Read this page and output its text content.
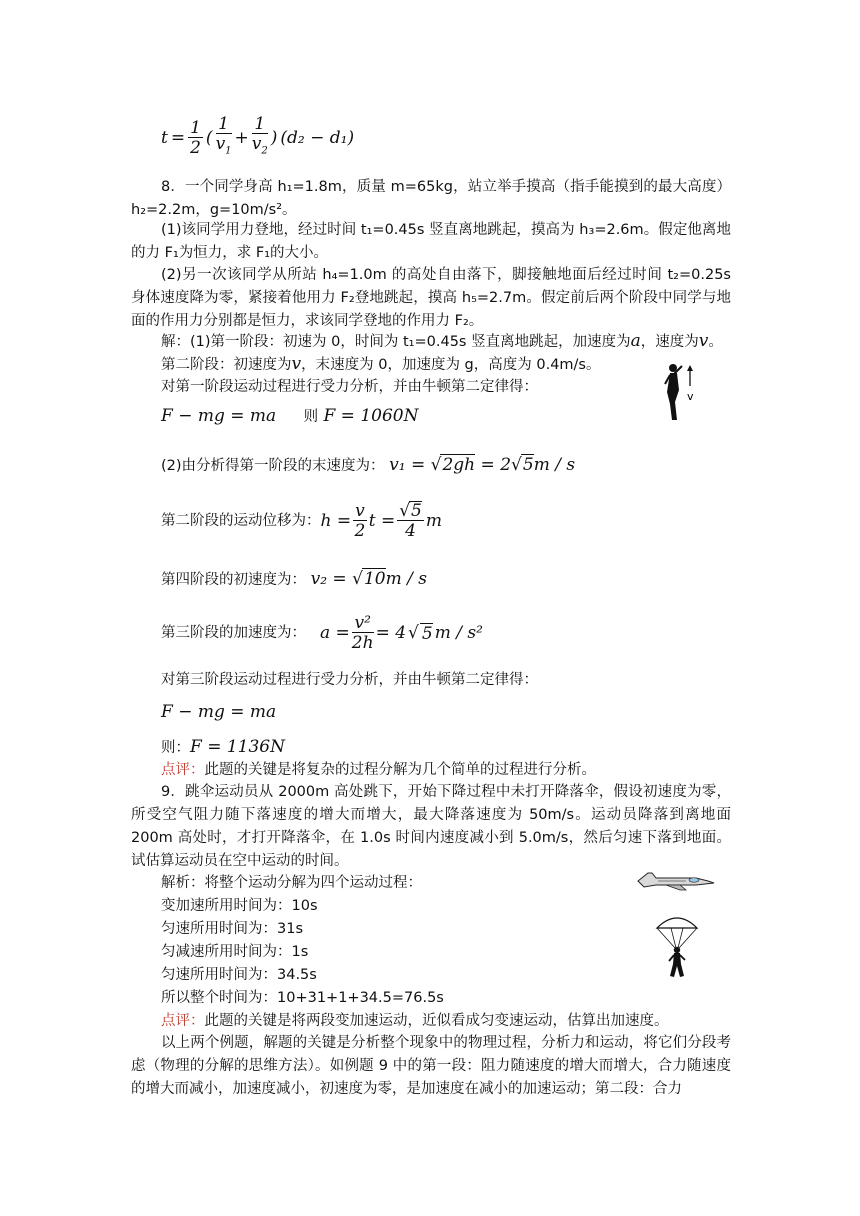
$t = \frac{1}{2}$ ( $\frac{1}{v_1} + \frac{1}{v_2}$ ) (d₂ − d₁)
8．一个同学身高 h₁=1.8m，质量 m=65kg，站立举手摸高（指手能摸到的最大高度）h₂=2.2m，g=10m/s²。
(1)该同学用力登地，经过时间 t₁=0.45s 竖直离地跳起，摸高为 h₃=2.6m。假定他离地的力 F₁为恒力，求 F₁的大小。
(2)另一次该同学从所站 h₄=1.0m 的高处自由落下，脚接触地面后经过时间 t₂=0.25s 身体速度降为零，紧接着他用力 F₂登地跳起，摸高 h₅=2.7m。假定前后两个阶段中同学与地面的作用力分别都是恒力，求该同学登地的作用力 F₂。
解：(1)第一阶段：初速为 0，时间为 t₁=0.45s 竖直离地跳起，加速度为a，速度为v。
第二阶段：初速度为v，末速度为 0，加速度为 g，高度为 0.4m/s。
对第一阶段运动过程进行受力分析，并由牛顿第二定律得：
F − mg = ma 则 F = 1060N
v
(2)由分析得第一阶段的末速度为： v₁ = √2gh = 2√5m / s
第二阶段的运动位移为： $h = \frac{v}{2}$ $t = \frac{√5}{4}$ m
第四阶段的初速度为： v₂ = √10m / s
第三阶段的加速度为： $a = \frac{\text{v²}}{2h} = 4$ √ 5 m / s²
对第三阶段运动过程进行受力分析，并由牛顿第二定律得：
F − mg = ma
则：F = 1136N
点评：此题的关键是将复杂的过程分解为几个简单的过程进行分析。
9．跳伞运动员从 2000m 高处跳下，开始下降过程中未打开降落伞，假设初速度为零，所受空气阻力随下落速度的增大而增大，最大降落速度为 50m/s。运动员降落到离地面 200m 高处时，才打开降落伞，在 1.0s 时间内速度减小到 5.0m/s，然后匀速下落到地面。试估算运动员在空中运动的时间。
解析：将整个运动分解为四个运动过程：
变加速所用时间为：10s
匀速所用时间为：31s
匀减速所用时间为：1s
匀速所用时间为：34.5s
所以整个时间为：10+31+1+34.5=76.5s
点评：此题的关键是将两段变加速运动，近似看成匀变速运动，估算出加速度。
以上两个例题，解题的关键是分析整个现象中的物理过程，分析力和运动，将它们分段考虑（物理的分解的思维方法）。如例题 9 中的第一段：阻力随速度的增大而增大，合力随速度的增大而减小，加速度减小，初速度为零，是加速度在减小的加速运动；第二段：合力
